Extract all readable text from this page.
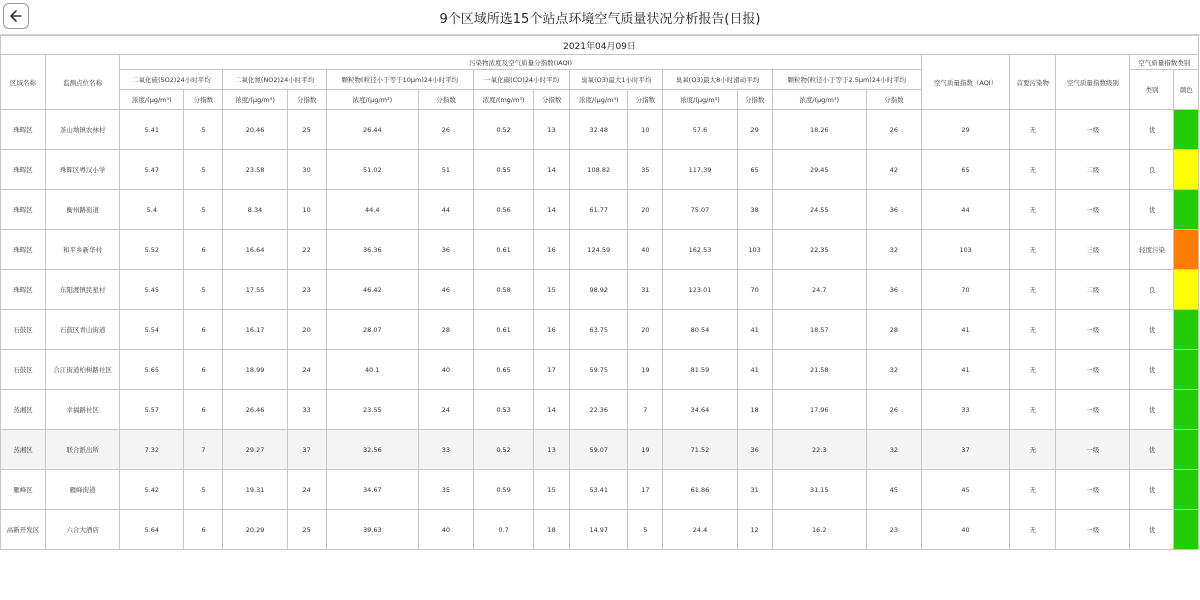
9个区域所选15个站点环境空气质量状况分析报告(日报)
2021年04月09日																				
区域名称	监测点位名称	污染物浓度及空气质量分指数(IAQI)														空气质量指数（AQI）	首要污染物	空气质量指数级别	空气质量指数类别	
		二氧化硫(SO2)24小时平均		二氧化氮(NO2)24小时平均		颗粒物(粒径小于等于10μm)24小时平均		一氧化碳(CO)24小时平均		臭氧(O3)最大1小时平均		臭氧(O3)最大8小时滑动平均		颗粒物(粒径小于等于2.5μm)24小时平均					类别	颜色
		浓度/(μg/m³)	分指数	浓度/(μg/m³)	分指数	浓度/(μg/m³)	分指数	浓度/(mg/m³)	分指数	浓度/(μg/m³)	分指数	浓度/(μg/m³)	分指数	浓度/(μg/m³)	分指数					
珠晖区	茶山坳镇农林村	5.41	5	20.46	25	26.44	26	0.52	13	32.48	10	57.6	29	18.26	26	29	无	一级	优	

珠晖区	珠晖区粤汉小学	5.47	5	23.58	30	51.02	51	0.55	14	108.82	35	117.39	65	29.45	42	65	无	二级	良	

珠晖区	衡州路街道	5.4	5	8.34	10	44.4	44	0.56	14	61.77	20	75.07	38	24.55	36	44	无	一级	优	

珠晖区	和平乡新华村	5.52	6	16.64	22	36.36	36	0.61	16	124.59	40	162.53	103	22.35	32	103	无	三级	轻度污染	

珠晖区	东阳渡镇民星村	5.45	5	17.55	23	46.42	46	0.58	15	98.92	31	123.01	70	24.7	36	70	无	二级	良	

石鼓区	石鼓区青山街道	5.54	6	16.17	20	28.07	28	0.61	16	63.75	20	80.54	41	18.57	28	41	无	一级	优	

石鼓区	合江街道柏树路社区	5.65	6	18.99	24	40.1	40	0.65	17	59.75	19	81.59	41	21.58	32	41	无	一级	优	

蒸湘区	幸福路社区	5.57	6	26.46	33	23.55	24	0.53	14	22.36	7	34.64	18	17.96	26	33	无	一级	优	

蒸湘区	联合派出所	7.32	7	29.27	37	32.56	33	0.52	13	59.07	19	71.52	36	22.3	32	37	无	一级	优	

雁峰区	雁峰街道	5.42	5	19.31	24	34.67	35	0.59	15	53.41	17	61.86	31	31.15	45	45	无	一级	优	

高新开发区	六合大酒店	5.64	6	20.29	25	39.63	40	0.7	18	14.97	5	24.4	12	16.2	23	40	无	一级	优	
